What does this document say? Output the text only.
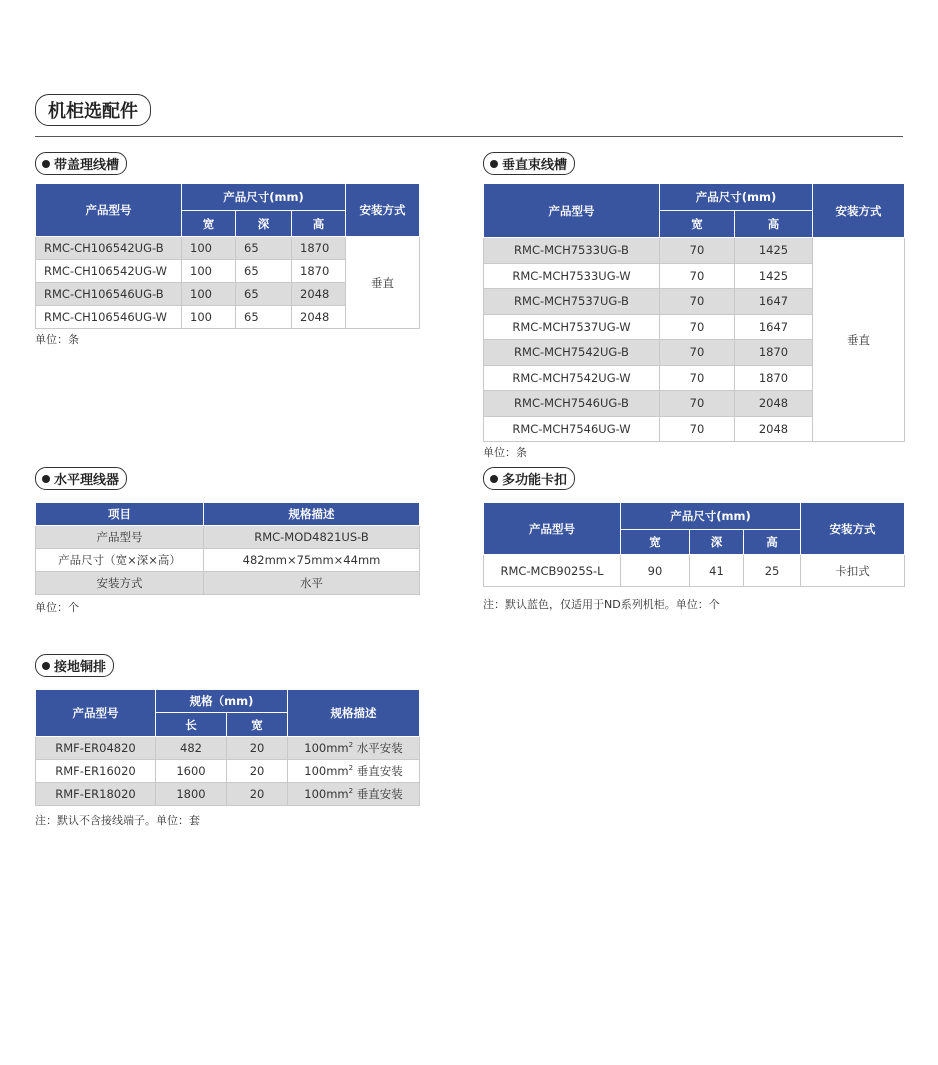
机柜选配件
带盖理线槽
产品型号	产品尺寸(mm)			安装方式
	宽	深	高	
RMC-CH106542UG-B	100	65	1870	垂直
RMC-CH106542UG-W	100	65	1870	
RMC-CH106546UG-B	100	65	2048	
RMC-CH106546UG-W	100	65	2048	
单位：条
垂直束线槽
产品型号	产品尺寸(mm)		安装方式
	宽	高	
RMC-MCH7533UG-B	70	1425	垂直
RMC-MCH7533UG-W	70	1425	
RMC-MCH7537UG-B	70	1647	
RMC-MCH7537UG-W	70	1647	
RMC-MCH7542UG-B	70	1870	
RMC-MCH7542UG-W	70	1870	
RMC-MCH7546UG-B	70	2048	
RMC-MCH7546UG-W	70	2048	
单位：条
水平理线器
项目	规格描述
产品型号	RMC-MOD4821US-B
产品尺寸（宽×深×高）	482mm×75mm×44mm
安装方式	水平
单位：个
多功能卡扣
产品型号	产品尺寸(mm)			安装方式
	宽	深	高	
RMC-MCB9025S-L	90	41	25	卡扣式
注：默认蓝色，仅适用于ND系列机柜。单位：个
接地铜排
产品型号	规格（mm)		规格描述
	长	宽	
RMF-ER04820	482	20	$100mm^2$ 水平安装
RMF-ER16020	1600	20	$100mm^2$ 垂直安装
RMF-ER18020	1800	20	$100mm^2$ 垂直安装
注：默认不含接线端子。单位：套
